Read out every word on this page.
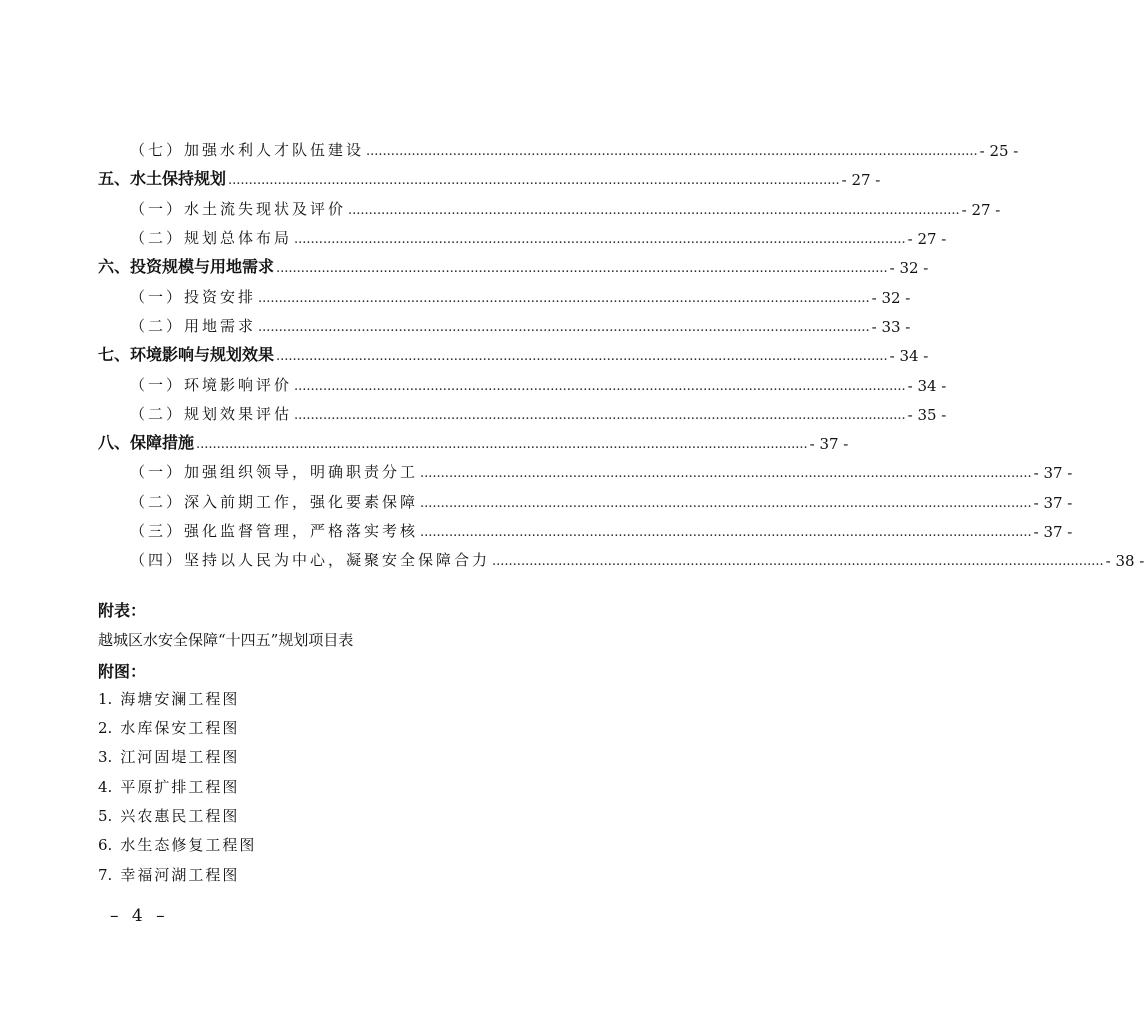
（七）加强水利人才队伍建设 .................................................................................................................................................... - 25 -
五、水土保持规划 .................................................................................................................................................... - 27 -
（一）水土流失现状及评价 .................................................................................................................................................... - 27 -
（二）规划总体布局 .................................................................................................................................................... - 27 -
六、投资规模与用地需求 .................................................................................................................................................... - 32 -
（一）投资安排 .................................................................................................................................................... - 32 -
（二）用地需求 .................................................................................................................................................... - 33 -
七、环境影响与规划效果 .................................................................................................................................................... - 34 -
（一）环境影响评价 .................................................................................................................................................... - 34 -
（二）规划效果评估 .................................................................................................................................................... - 35 -
八、保障措施 .................................................................................................................................................... - 37 -
（一）加强组织领导，明确职责分工 .................................................................................................................................................... - 37 -
（二）深入前期工作，强化要素保障 .................................................................................................................................................... - 37 -
（三）强化监督管理，严格落实考核 .................................................................................................................................................... - 37 -
（四）坚持以人民为中心，凝聚安全保障合力 .................................................................................................................................................... - 38 -
附表：
越城区水安全保障“十四五”规划项目表
附图：
1. 海塘安澜工程图
2. 水库保安工程图
3. 江河固堤工程图
4. 平原扩排工程图
5. 兴农惠民工程图
6. 水生态修复工程图
7. 幸福河湖工程图
– 4 –
